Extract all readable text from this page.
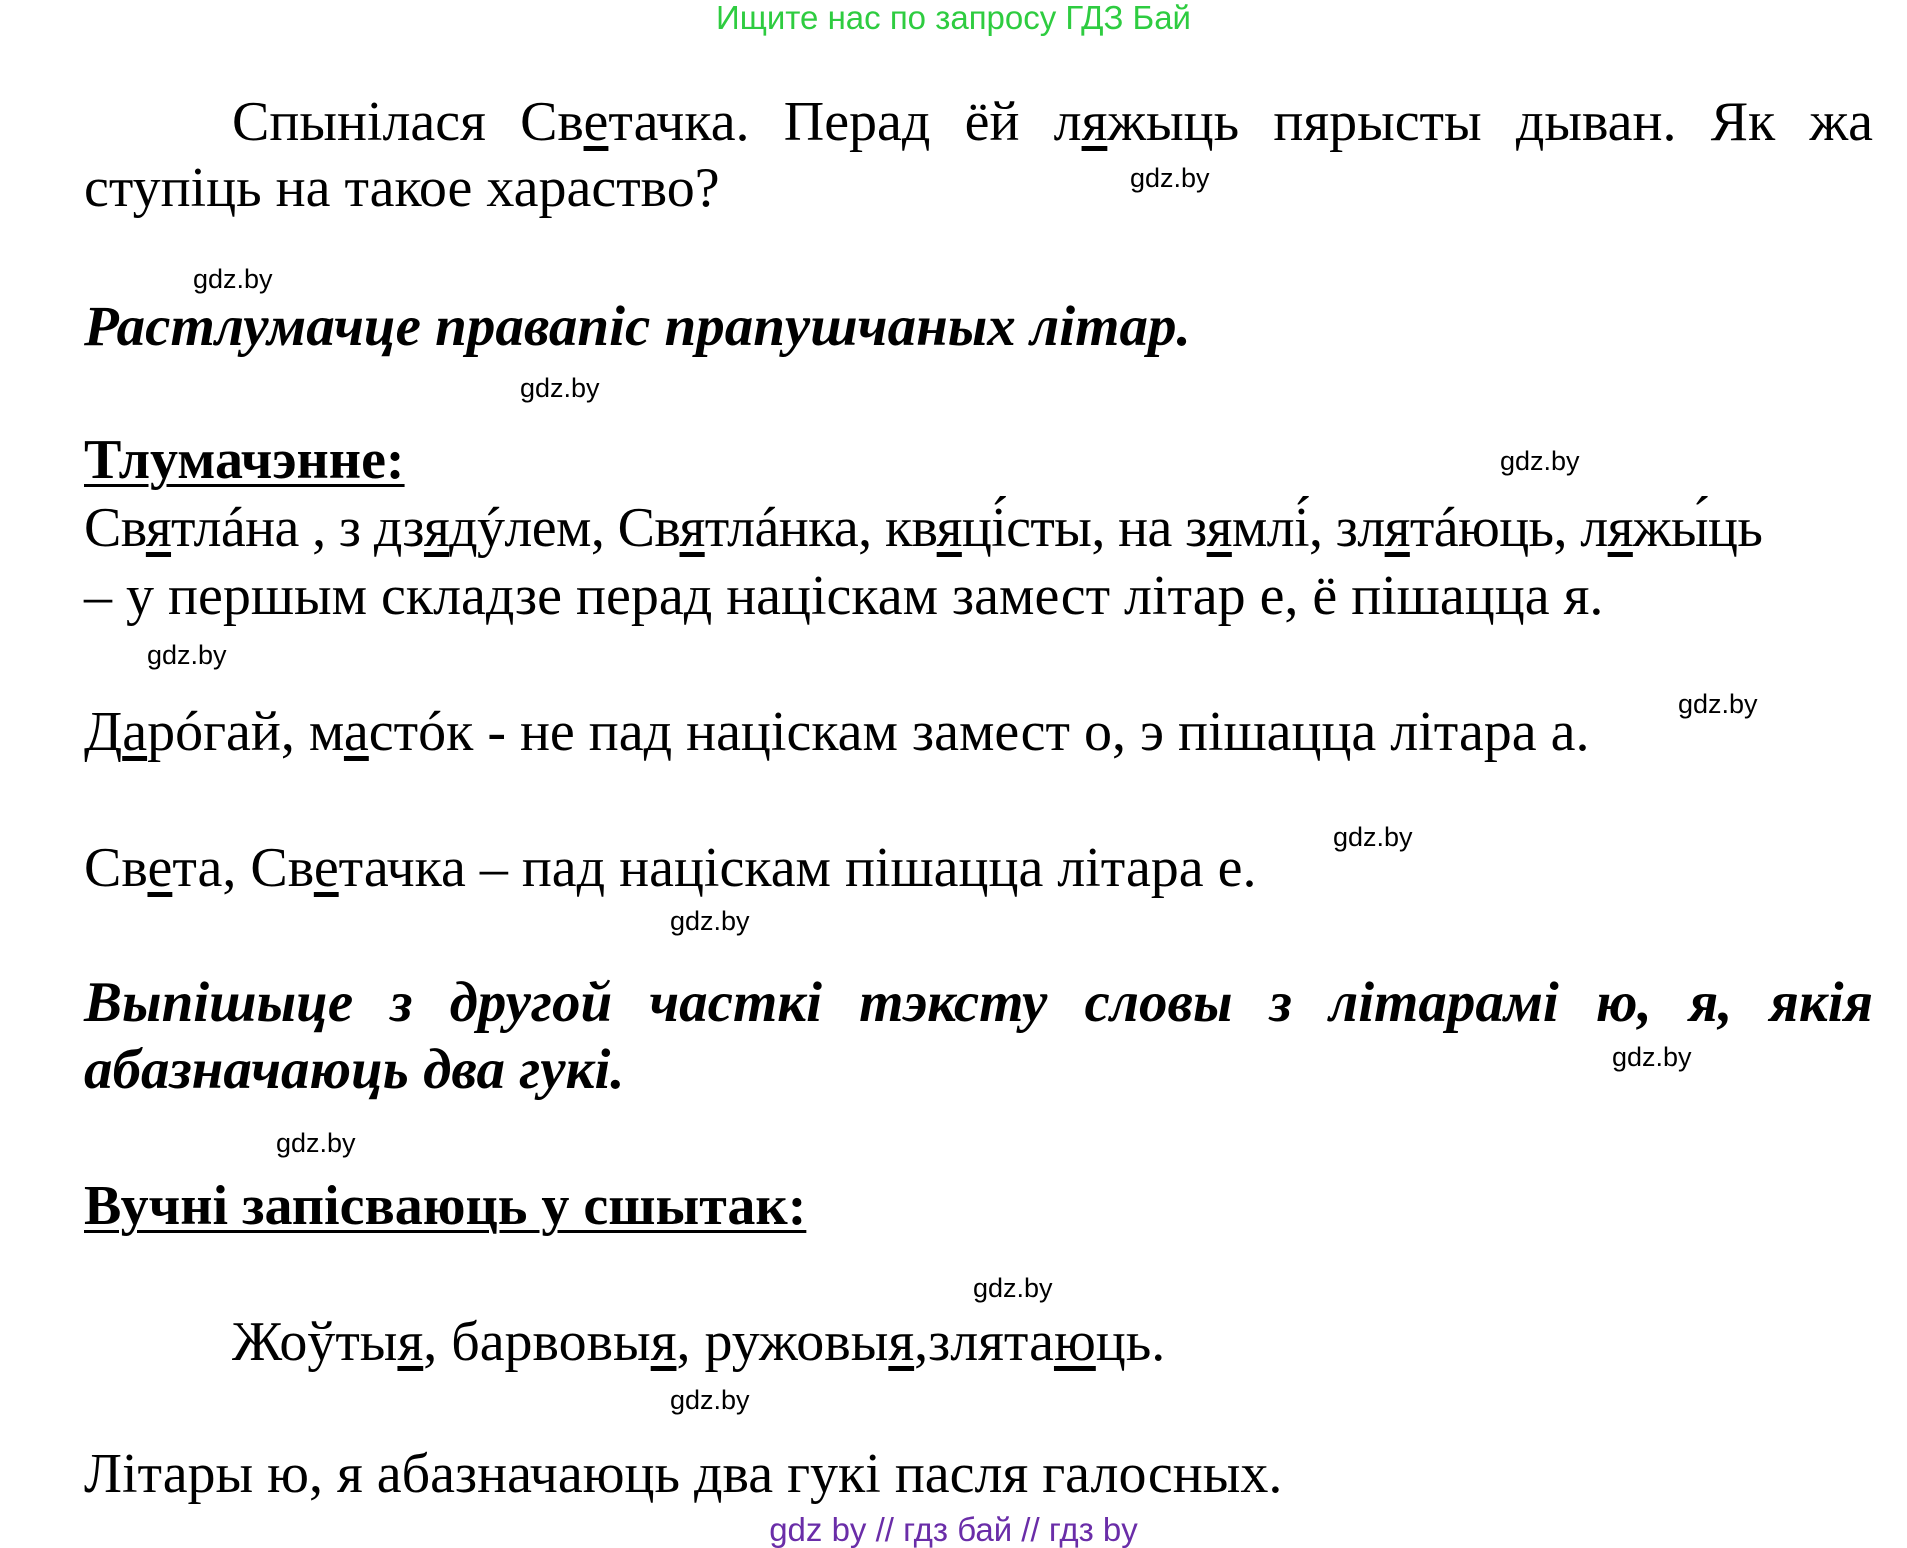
Ищите нас по запросу ГДЗ Бай
Спынілася Светачка. Перад ёй ляжыць пярысты дыван. Як жа
ступіць на такое хараство?	gdz.by
gdz.by
Растлумачце правапіс прапушчаных літар.
gdz.by
Тлумачэнне:	gdz.by
Святлáна , з дзядýлем, Святлáнка, квяці́сты, на зямлі́, злятáюць, ляжы́ць
– у першым складзе перад націскам замест літар е, ё пішацца я.
gdz.by
gdz.by
Дарóгай, мастóк - не пад націскам замест о, э пішацца літара а.
gdz.by
Света, Светачка – пад націскам пішацца літара е.
gdz.by
Выпішыце з другой часткі тэксту словы з літарамі ю, я, якія
абазначаюць два гукі.	gdz.by
gdz.by
Вучні запісваюць у сшытак:
gdz.by
Жоўтыя, барвовыя, ружовыя,злятаюць.
gdz.by
Літары ю, я абазначаюць два гукі пасля галосных.
gdz by // гдз бай // гдз by
